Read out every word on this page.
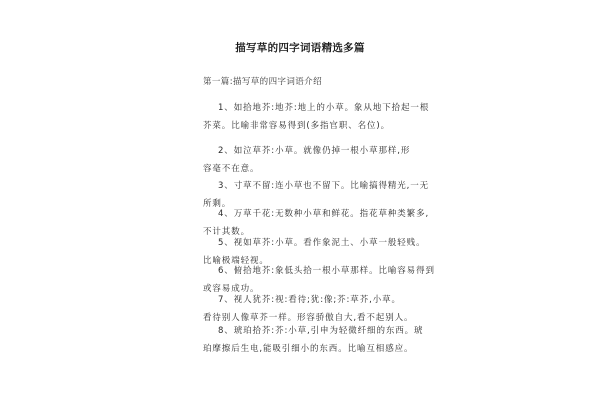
描写草的四字词语精选多篇
第一篇:描写草的四字词语介绍
1、如拾地芥:地芥:地上的小草。象从地下拾起一根
芥菜。比喻非常容易得到(多指官职、名位)。
2、如泣草芥:小草。就像仍掉一根小草那样,形
容毫不在意。
3、寸草不留:连小草也不留下。比喻搞得精光,一无
所剩。
4、万草千花:无数种小草和鲜花。指花草种类繁多,
不计其数。
5、视如草芥:小草。看作象泥土、小草一般轻贱。
比喻极端轻视。
6、俯拾地芥:象低头拾一根小草那样。比喻容易得到
或容易成功。
7、视人犹芥:视:看待;犹:像;芥:草芥,小草。
看待别人像草芥一样。形容骄傲自大,看不起别人。
8、琥珀拾芥:芥:小草,引申为轻微纤细的东西。琥
珀摩擦后生电,能吸引细小的东西。比喻互相感应。
